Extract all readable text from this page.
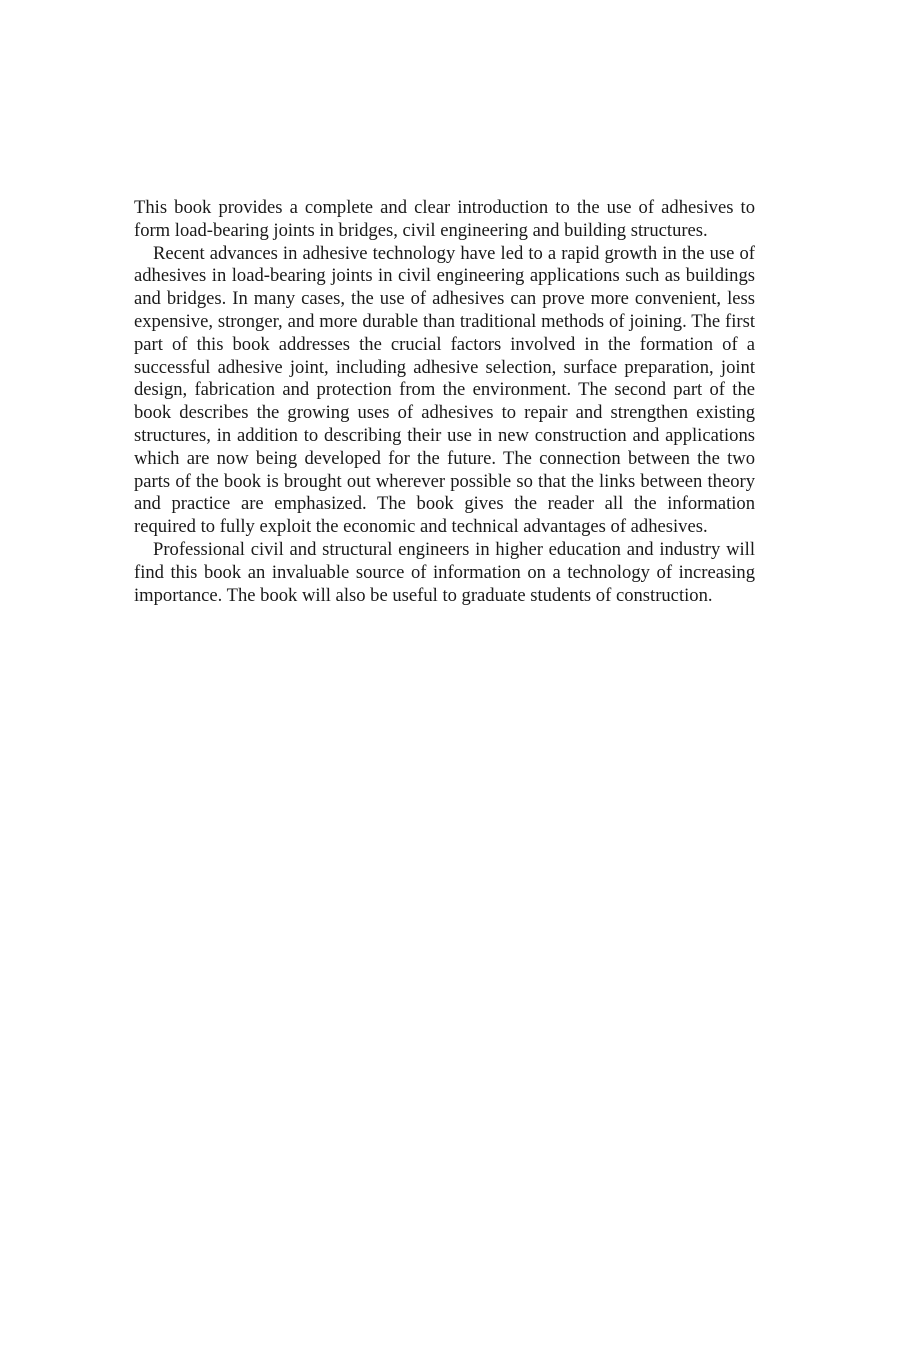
This book provides a complete and clear introduction to the use of adhesives to form load-bearing joints in bridges, civil engineering and building structures.

Recent advances in adhesive technology have led to a rapid growth in the use of adhesives in load-bearing joints in civil engineering applications such as buildings and bridges. In many cases, the use of adhesives can prove more convenient, less expensive, stronger, and more durable than traditional methods of joining. The first part of this book addresses the crucial factors involved in the formation of a successful adhesive joint, including adhesive selection, surface preparation, joint design, fabrication and protection from the environment. The second part of the book describes the growing uses of adhesives to repair and strengthen existing structures, in addition to describing their use in new construction and applications which are now being developed for the future. The connection between the two parts of the book is brought out wherever possible so that the links between theory and practice are emphasized. The book gives the reader all the information required to fully exploit the economic and technical advantages of adhesives.

Professional civil and structural engineers in higher education and industry will find this book an invaluable source of information on a technology of increasing importance. The book will also be useful to graduate students of construction.
